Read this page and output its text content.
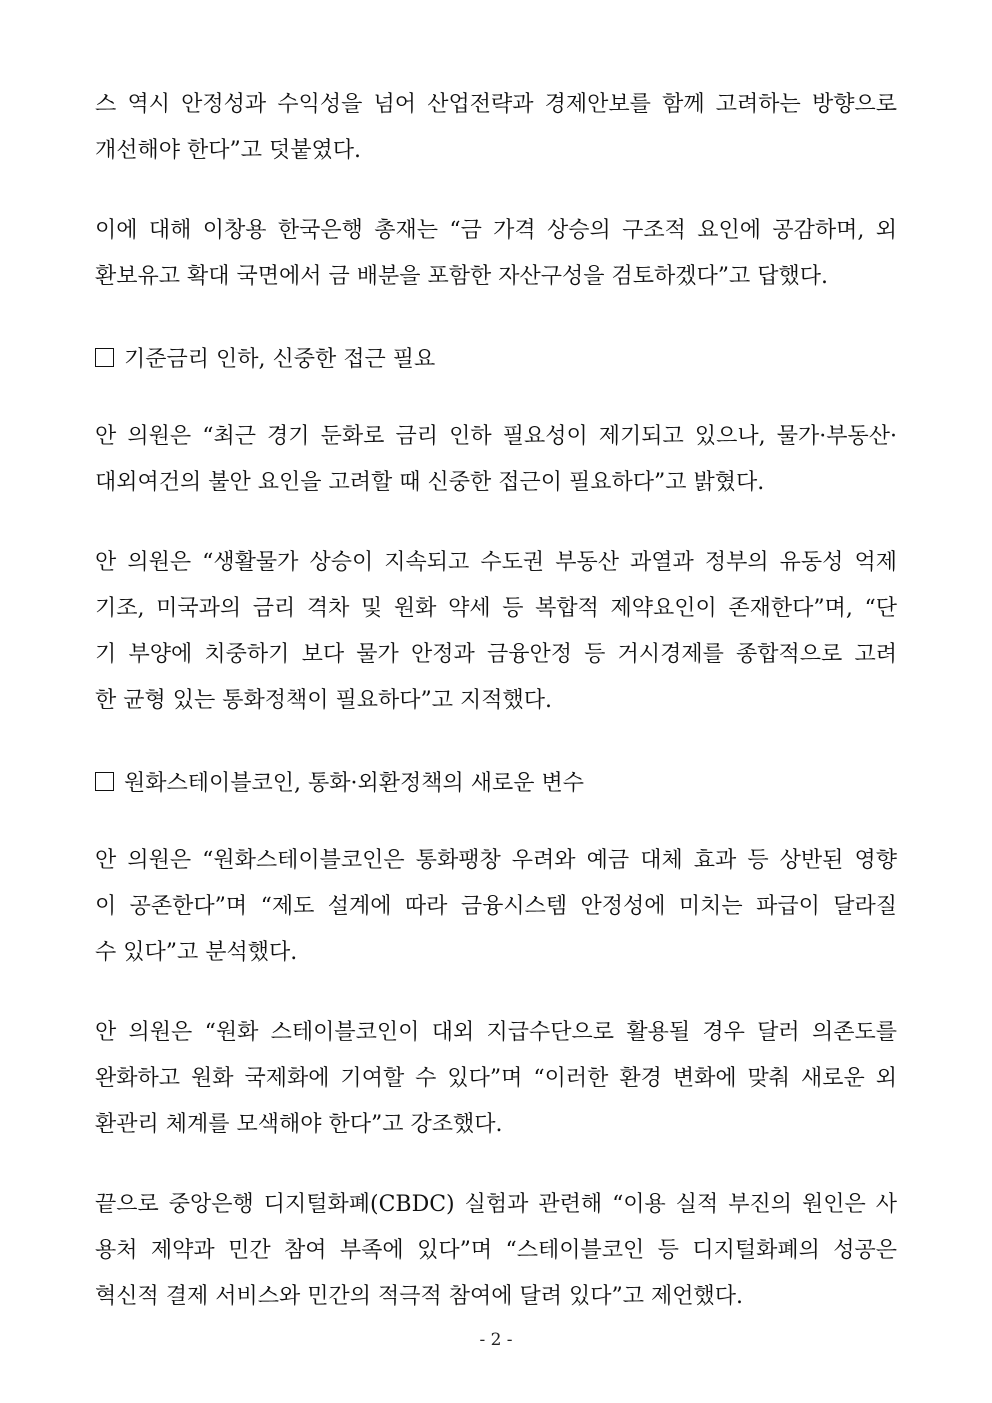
스 역시 안정성과 수익성을 넘어 산업전략과 경제안보를 함께 고려하는 방향으로
개선해야 한다”고 덧붙였다.
이에 대해 이창용 한국은행 총재는 “금 가격 상승의 구조적 요인에 공감하며, 외
환보유고 확대 국면에서 금 배분을 포함한 자산구성을 검토하겠다”고 답했다.
기준금리 인하, 신중한 접근 필요
안 의원은 “최근 경기 둔화로 금리 인하 필요성이 제기되고 있으나, 물가·부동산·
대외여건의 불안 요인을 고려할 때 신중한 접근이 필요하다”고 밝혔다.
안 의원은 “생활물가 상승이 지속되고 수도권 부동산 과열과 정부의 유동성 억제
기조, 미국과의 금리 격차 및 원화 약세 등 복합적 제약요인이 존재한다”며, “단
기 부양에 치중하기 보다 물가 안정과 금융안정 등 거시경제를 종합적으로 고려
한 균형 있는 통화정책이 필요하다”고 지적했다.
원화스테이블코인, 통화·외환정책의 새로운 변수
안 의원은 “원화스테이블코인은 통화팽창 우려와 예금 대체 효과 등 상반된 영향
이 공존한다”며 “제도 설계에 따라 금융시스템 안정성에 미치는 파급이 달라질
수 있다”고 분석했다.
안 의원은 “원화 스테이블코인이 대외 지급수단으로 활용될 경우 달러 의존도를
완화하고 원화 국제화에 기여할 수 있다”며 “이러한 환경 변화에 맞춰 새로운 외
환관리 체계를 모색해야 한다”고 강조했다.
끝으로 중앙은행 디지털화폐(CBDC) 실험과 관련해 “이용 실적 부진의 원인은 사
용처 제약과 민간 참여 부족에 있다”며 “스테이블코인 등 디지털화폐의 성공은
혁신적 결제 서비스와 민간의 적극적 참여에 달려 있다”고 제언했다.
- 2 -
